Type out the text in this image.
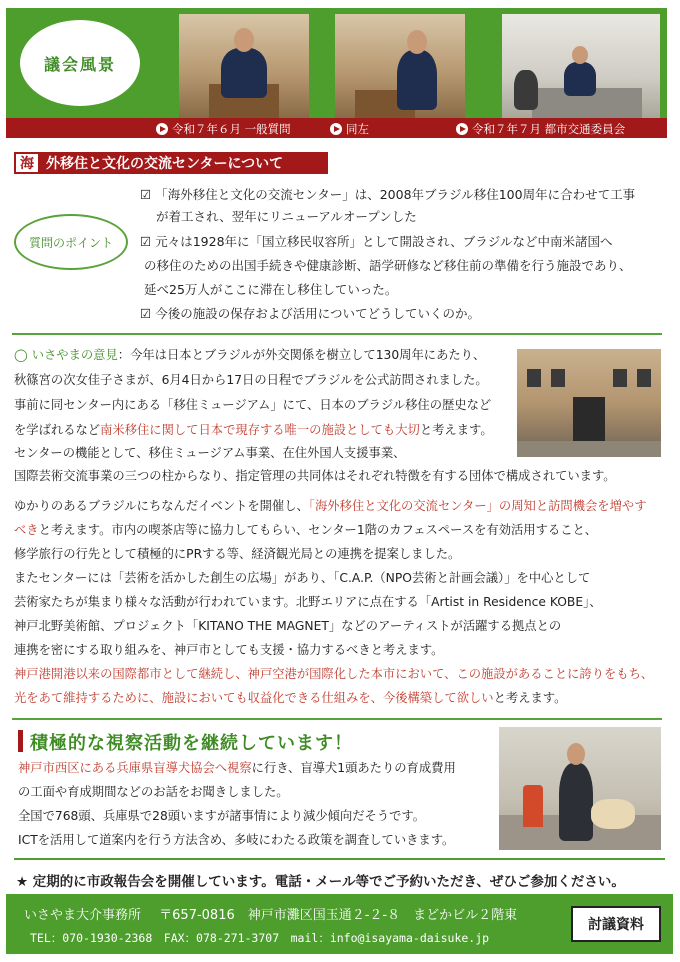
議会風景
令和７年６月 一般質問	同左	令和７年７月 都市交通委員会
海 外移住と文化の交流センターについて
質問のポイント
☑ 「海外移住と文化の交流センター」は、2008年ブラジル移住100周年に合わせて工事
が着工され、翌年にリニューアルオープンした
☑ 元々は1928年に「国立移民収容所」として開設され、ブラジルなど中南米諸国へ
の移住のための出国手続きや健康診断、語学研修など移住前の準備を行う施設であり、
延べ25万人がここに滞在し移住していった。
☑ 今後の施設の保存および活用についてどうしていくのか。
◯ いさやまの意見：今年は日本とブラジルが外交関係を樹立して130周年にあたり、
秋篠宮の次女佳子さまが、6月4日から17日の日程でブラジルを公式訪問されました。
事前に同センター内にある「移住ミュージアム」にて、日本のブラジル移住の歴史など
を学ばれるなど南米移住に関して日本で現存する唯一の施設としても大切と考えます。
センターの機能として、移住ミュージアム事業、在住外国人支援事業、
国際芸術交流事業の三つの柱からなり、指定管理の共同体はそれぞれ特徴を有する団体で構成されています。
ゆかりのあるブラジルにちなんだイベントを開催し、「海外移住と文化の交流センター」の周知と訪問機会を増やす
べきと考えます。市内の喫茶店等に協力してもらい、センター1階のカフェスペースを有効活用すること、
修学旅行の行先として積極的にPRする等、経済観光局との連携を提案しました。
またセンターには「芸術を活かした創生の広場」があり、「C.A.P.（NPO芸術と計画会議）」を中心として
芸術家たちが集まり様々な活動が行われています。北野エリアに点在する「Artist in Residence KOBE」、
神戸北野美術館、プロジェクト「KITANO THE MAGNET」などのアーティストが活躍する拠点との
連携を密にする取り組みを、神戸市としても支援・協力するべきと考えます。
神戸港開港以来の国際都市として継続し、神戸空港が国際化した本市において、この施設があることに誇りをもち、
光をあて維持するために、施設においても収益化できる仕組みを、今後構築して欲しいと考えます。
積極的な視察活動を継続しています！
神戸市西区にある兵庫県盲導犬協会へ視察に行き、盲導犬1頭あたりの育成費用
の工面や育成期間などのお話をお聞きしました。
全国で768頭、兵庫県で28頭いますが諸事情により減少傾向だそうです。
ICTを活用して道案内を行う方法含め、多岐にわたる政策を調査していきます。
★ 定期的に市政報告会を開催しています。電話・メール等でご予約いただき、ぜひご参加ください。
いさやま大介事務所 〒657-0816　神戸市灘区国玉通２-２-８　まどかビル２階東
TEL：070-1930-2368　FAX：078-271-3707　mail：info@isayama-daisuke.jp
討議資料
